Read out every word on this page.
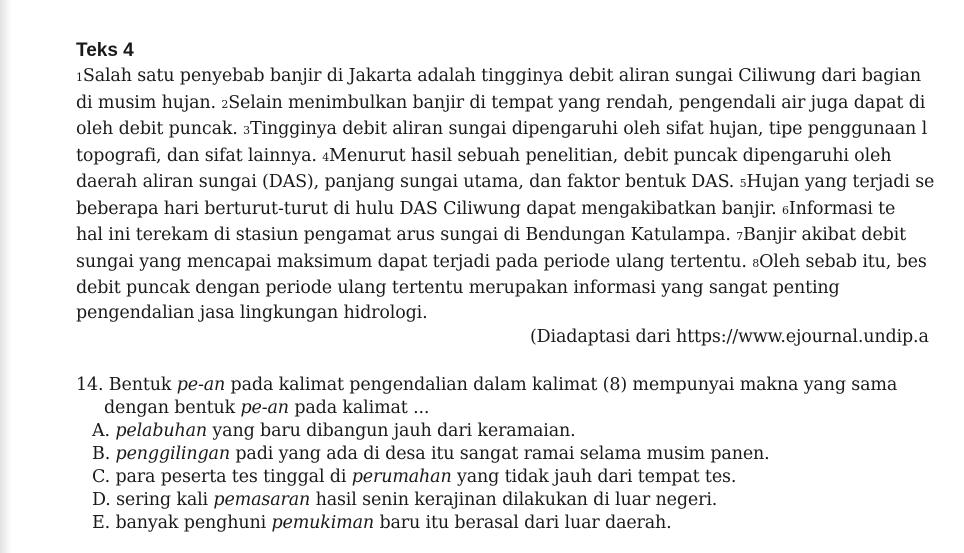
Teks 4
1Salah satu penyebab banjir di Jakarta adalah tingginya debit aliran sungai Ciliwung dari bagian
di musim hujan. 2Selain menimbulkan banjir di tempat yang rendah, pengendali air juga dapat di
oleh debit puncak. 3Tingginya debit aliran sungai dipengaruhi oleh sifat hujan, tipe penggunaan l
topografi, dan sifat lainnya. 4Menurut hasil sebuah penelitian, debit puncak dipengaruhi oleh
daerah aliran sungai (DAS), panjang sungai utama, dan faktor bentuk DAS. 5Hujan yang terjadi se
beberapa hari berturut-turut di hulu DAS Ciliwung dapat mengakibatkan banjir. 6Informasi te
hal ini terekam di stasiun pengamat arus sungai di Bendungan Katulampa. 7Banjir akibat debit
sungai yang mencapai maksimum dapat terjadi pada periode ulang tertentu. 8Oleh sebab itu, bes
debit puncak dengan periode ulang tertentu merupakan informasi yang sangat penting
pengendalian jasa lingkungan hidrologi.
(Diadaptasi dari https://www.ejournal.undip.a
14. Bentuk pe-an pada kalimat pengendalian dalam kalimat (8) mempunyai makna yang sama
dengan bentuk pe-an pada kalimat ...
A. pelabuhan yang baru dibangun jauh dari keramaian.
B. penggilingan padi yang ada di desa itu sangat ramai selama musim panen.
C. para peserta tes tinggal di perumahan yang tidak jauh dari tempat tes.
D. sering kali pemasaran hasil senin kerajinan dilakukan di luar negeri.
E. banyak penghuni pemukiman baru itu berasal dari luar daerah.
